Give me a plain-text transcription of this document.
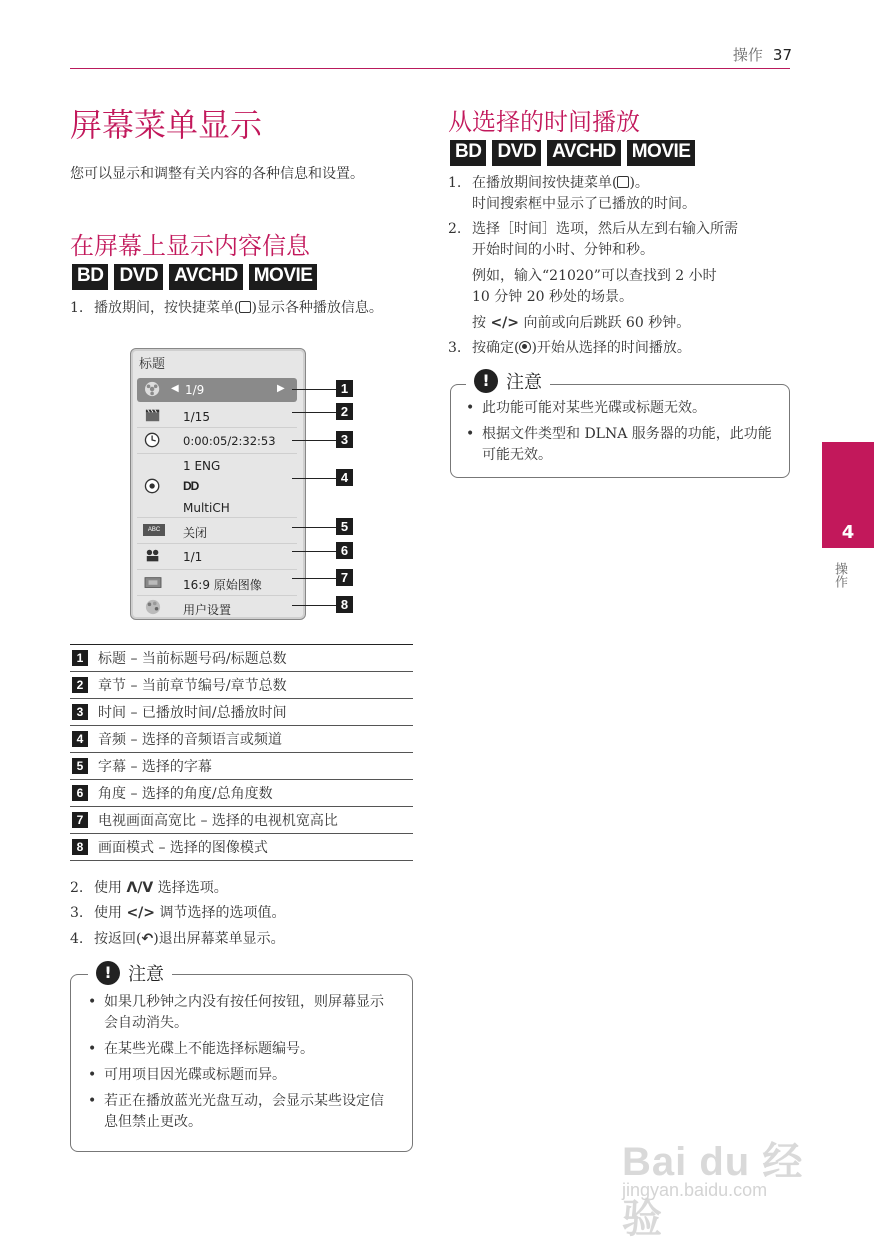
操作 37
屏幕菜单显示
您可以显示和调整有关内容的各种信息和设置。
在屏幕上显示内容信息
BD DVD AVCHD MOVIE
1. 播放期间，按快捷菜单( )显示各种播放信息。
标题
◀ 1/9	▶
1/15
0:00:05/2:32:53
1 ENG
DD
MultiCH
ABC	关闭
1/1
16:9 原始图像
用户设置
1
2
3
4
5
6
7
8
1	标题 – 当前标题号码/标题总数
2	章节 – 当前章节编号/章节总数
3	时间 – 已播放时间/总播放时间
4	音频 – 选择的音频语言或频道
5	字幕 – 选择的字幕
6	角度 – 选择的角度/总角度数
7	电视画面高宽比 – 选择的电视机宽高比
8	画面模式 – 选择的图像模式
2. 使用 Λ/V 选择选项。
3. 使用 </> 调节选择的选项值。
4. 按返回(↶)退出屏幕菜单显示。
! 注意
• 如果几秒钟之内没有按任何按钮，则屏幕显示会自动消失。
• 在某些光碟上不能选择标题编号。
• 可用项目因光碟或标题而异。
• 若正在播放蓝光光盘互动，会显示某些设定信息但禁止更改。
从选择的时间播放
BD DVD AVCHD MOVIE
1. 在播放期间按快捷菜单( )。
时间搜索框中显示了已播放的时间。
2. 选择［时间］选项，然后从左到右输入所需
开始时间的小时、分钟和秒。
例如，输入“21020”可以查找到 2 小时
10 分钟 20 秒处的场景。
按 </> 向前或向后跳跃 60 秒钟。
3. 按确定( )开始从选择的时间播放。
! 注意
• 此功能可能对某些光碟或标题无效。
• 根据文件类型和 DLNA 服务器的功能，此功能可能无效。
4
操作
Bai du 经验
jingyan.baidu.com
